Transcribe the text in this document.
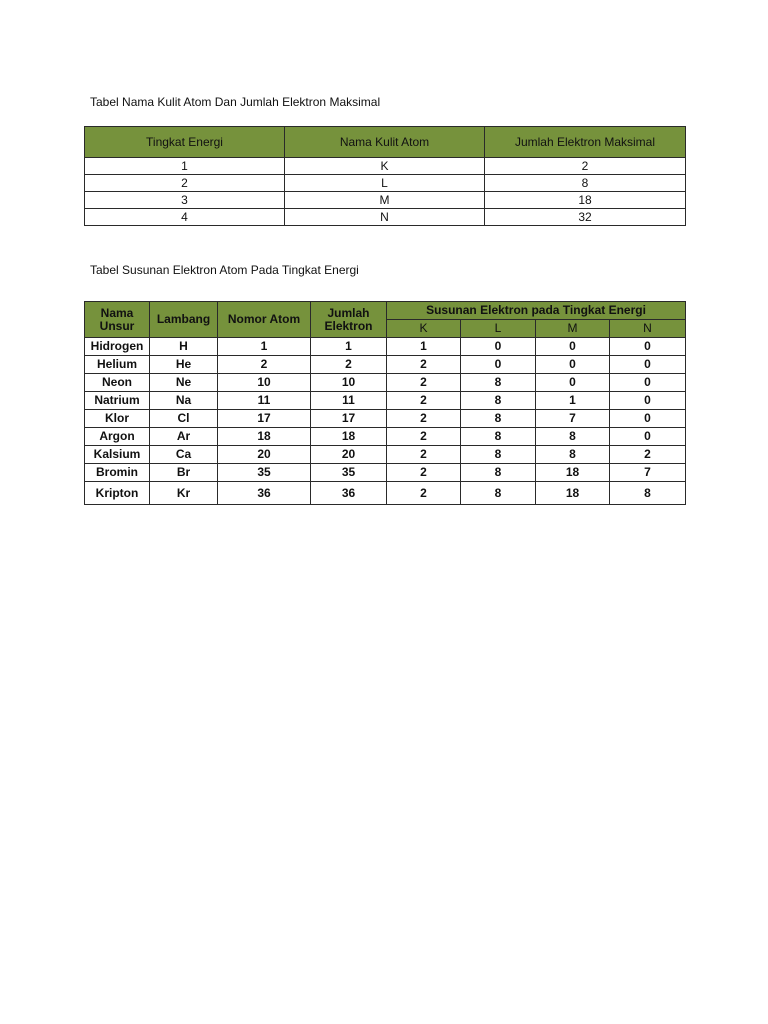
Tabel Nama Kulit Atom Dan Jumlah Elektron Maksimal
Tingkat Energi	Nama Kulit Atom	Jumlah Elektron Maksimal
1	K	2
2	L	8
3	M	18
4	N	32
Tabel Susunan Elektron Atom Pada Tingkat Energi
Nama Unsur	Lambang	Nomor Atom	Jumlah Elektron	Susunan Elektron pada Tingkat Energi			
				K	L	M	N
Hidrogen	H	1	1	1	0	0	0
Helium	He	2	2	2	0	0	0
Neon	Ne	10	10	2	8	0	0
Natrium	Na	11	11	2	8	1	0
Klor	Cl	17	17	2	8	7	0
Argon	Ar	18	18	2	8	8	0
Kalsium	Ca	20	20	2	8	8	2
Bromin	Br	35	35	2	8	18	7
Kripton	Kr	36	36	2	8	18	8
